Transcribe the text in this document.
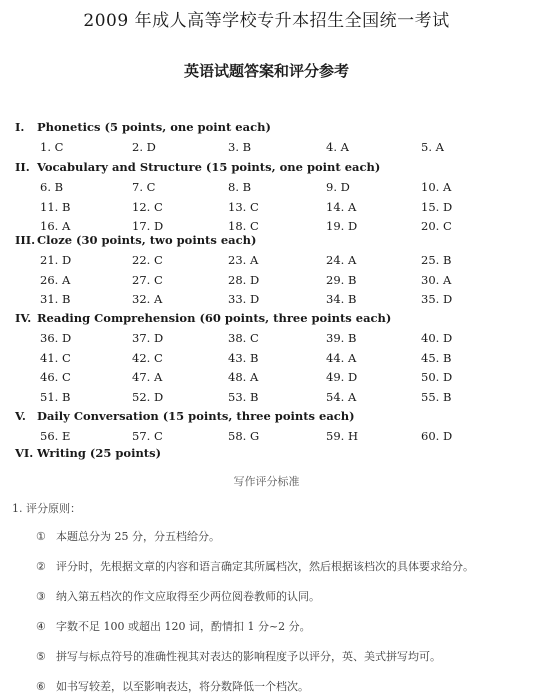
2009 年成人高等学校专升本招生全国统一考试
英语试题答案和评分参考
I. Phonetics (5 points, one point each)
1. C	2. D	3. B	4. A	5. A
II. Vocabulary and Structure (15 points, one point each)
6. B	7. C	8. B	9. D	10. A
11. B	12. C	13. C	14. A	15. D
16. A	17. D	18. C	19. D	20. C
III. Cloze (30 points, two points each)
21. D	22. C	23. A	24. A	25. B
26. A	27. C	28. D	29. B	30. A
31. B	32. A	33. D	34. B	35. D
IV. Reading Comprehension (60 points, three points each)
36. D	37. D	38. C	39. B	40. D
41. C	42. C	43. B	44. A	45. B
46. C	47. A	48. A	49. D	50. D
51. B	52. D	53. B	54. A	55. B
V. Daily Conversation (15 points, three points each)
56. E	57. C	58. G	59. H	60. D
VI. Writing (25 points)
写作评分标准
1. 评分原则：
① 本题总分为 25 分，分五档给分。
② 评分时，先根据文章的内容和语言确定其所属档次，然后根据该档次的具体要求给分。
③ 纳入第五档次的作文应取得至少两位阅卷教师的认同。
④ 字数不足 100 或超出 120 词，酌情扣 1 分~2 分。
⑤ 拼写与标点符号的准确性视其对表达的影响程度予以评分，英、美式拼写均可。
⑥ 如书写较差，以至影响表达，将分数降低一个档次。
